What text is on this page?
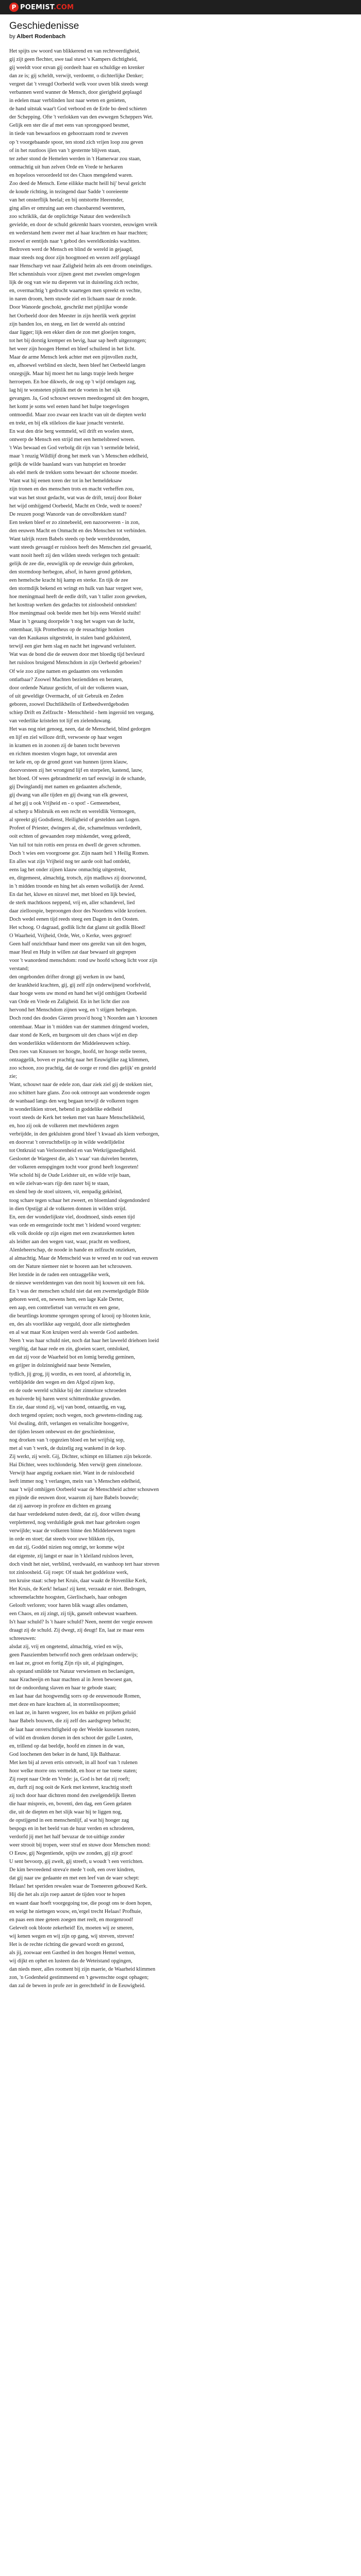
P POEMIST.COM
Geschiedenisse
by Albert Rodenbach
Het spijts uw woord van blikkerend en van rechtveerdigheid,
gij zijt geen flechter, uwe taal stuwt 's Kampers dichtigheid,
gij weeldt voor ezvan gij oordeelt haar en schuldige en krenker
dan ze is; gij scheldt, verwijt, verdoemt, o dichterlijke Denker;
vergeet dat 't vreugd Oorbeeld welk voor uwen blik steeds weegt
verbannen werd wanner de Mensch, door gierigheid geplaagd
in edelen maar verblinden lust naar weten en genieten,
de hand uitstak waar't God verbood en de Erde bo deed schieten
der Schepping. Ofte 't verlokken van den ewwegen Scheppers Wet.
Gelijk een ster die af met eens van sprongspoed besmet,
in tiede van bewaarloos en gehoorzaam rond te zweven
op 't voorgebaande spoor, ten stond zich vrijen loop zou geven
of in het ruutloos ijlen van 't gesternte blijven staan,
ter zeher stond de Hemelen werden in 't Hamerwar zou staan,
ontmachtig uit hun zelven Orde en Vrede te herkaren
en hopeloos veroordeeld tot des Chaos mengelend waren.
Zoo deed de Mensch. Eene eilikke macht heill hij' beval gericht
de koude richting, in tezingend daar Sadde 't ooreieente
van het onsterflijk heelal; en bij ontstortte Heerender,
ging alles er omruing aan een chaosbarend weenteren,
zoo schriklik, dat de onplichtige Natuur den wedereilsch
gevielde, en door de schuld gekrenkt haars voorsten, eeuwigen wreik
en wederstand hem zweer met al haar krachten en haar machten;
zoowel er eentijds naar 't gebod des wereldkoninks wachtten.
Bedroven werd de Mensch en blind de wereld in gejaagd,
maar steeds nog door zijn hoogmoed en wezen zelf geplaagd
naar Henscharp vet naar Zaligheid heim als een droom oneindiges.
Het schennishuis voor zijnen geest met zweelen omgevlogen
lijk de oog van wie nu dieperen vat in duisteling zich rechte,
en, overmachtig 't gedrocht waartegen men spreekt en vechte,
in naren droom, hem stuwde ziel en lichaam naar de zonde.
Door Wanorde geschokt, geschrikt met pijnlijke wonde
het Oorbeeld door den Meester in zijn heerlik werk geprint
zijn banden los, en steeg, en liet de wereld als ontzind
daar ligger; lijk een ekker dien de zon met gloeijen tongen,
tot het bij dorstig kremper en bevig, haar sap heeft uitgezongen;
het weer zijn hoogen Hemel en bleef schuilend in het licht.
Maar de arme Mensch leek achter met een pijnvollen zucht,
en, afhoewel verblind en slecht, heen bleef het Oerbeeld langen
onzegsjjk. Maar hij moest het nu langs trapje leeds hergee
herroepen. En hoe dikwels, de oog op 't wijd omdagen zag,
lag hij te wonsteten pijnlik met de voeten in het sijk
gevangen. Ja, God schouwt eeuwen meedoogend uit den hoogen,
het komt je soms wel eenen hand het hulpe toegevlogen
ontmoedld. Maar zoo zwaar een kracht van uit de diepten werkt
en trekt, en bij elk stileloos die kaar jonacht versterkt.
En wat den drie berg wemmeld, wil drift en woelen steen,
ontwerp de Mensch een strijd met een hemelsbreed wreen.
't Was bewaad en God verbolg dit rijn van 't sermelde beleid,
maar 't reuzig Wildlijf drong het merk van 's Menschen edelheid,
gelijk de wilde baasland wars van hutspriet en broeder
als edel merk de trekken soms bewaart der schoone moeder.
Want wat hij eenen toren der tot in het hemeldeksaw
zijn tronen en des menschen trots en macht verheffen zou,
wat was het stout gedacht, wat was de drift, tenzij door Boker
het wijd omhijgend Oorbeeld, Macht en Orde, wedt te noeen?
De reuzen poogt Wanorde van de onvolbrekken stand?
Een teeken bleef er zo zinnebeeld, een nazoorweren - in zon,
den eeuwen Macht en Onmacht en des Menschen tot verbinden.
Want talrijk rezen Babels steeds op bede wereldsronden,
want steeds gevaagd er ruisloos heeft des Menschen ziel gevaaeld,
want nooit heeft zij den wilden steeds verlegen toch gestaalt:
gelijk de zee die, eeuwiglik op de eeuwige duin gebroken,
den stormdoop herbegon, afsof, in haren grond gebleken,
een hemelsche kracht hij kamp en sterke. En tijk de zee
den stormdijk bekend en wringt en hulk van haar vergeet wee,
hoe meningmaal heeft de eedle drift, van 't taller zoon geweken,
het kosttrap werken des gedachts tot zinloosheid ontsteken!
Hoe meningmaal ook beelde men het bijs eens Wereld stuiht!
Maar in 't geuang doorpelde 't nog het wagen van de lucht,
ontembaar, lijk Prometheus op de reusachtige honken
van den Kaukasus uitgestrekt, in stalen band gekluisterd,
terwijl een gier hem slag en nacht het ingewand verluistert.
Wat was de bond die de eeuwen door met bloedig tijd bevleurd
het ruisloos bruigend Menschdom in zijn Oerbeeld geboeien?
Of wie zoo zijne namen en gedaanten ons verkonden
ontlatbaar? Zoowel Machten beziendiden en beraten,
door ordende Natuur gesticht, of uit der volkeren waan,
of uit geweldige Overmacht, of uit Gebruik en Zeden
geboren, zoowel Duchtlikheiln of Eetbeedwerdgeboden
schiep Drift en Zelfzucht - Menschheid - hem ingeroid ten vergang,
van vederlike kristelen tot lijf en zielenduwang.
Het was nog niet genoeg, neen, dat de Menscheid, blind gedorgen
en lijf en ziel willoze drift, verwoeste op haar wegen
in kramen en in zoonen zij de banen tocht beverven
en richten moesten vlogen hage, tot onvendat aren
ter kele en, op de grond gezet van hunnen ijzren klauw,
doorvorsteen zij het wrongend lijf en storpelen, kastend, lauw,
het bloed. Of wees gebrandmerkt en tarf eeuwigi in de schande,
gij Dwinglandij met namen en gedaanten afschende,
gij dwang van alle tijden en gij dwang van elk geweest,
al het gij u ook Vrijheid en - o spot! - Gemeenebest,
al scherp u Misbruik en een recht en wereldlik Vermoegen,
al spreekt gij Godsdienst, Heiligheid of gestelden aan Logen.
Profeet of Priester, dwingers al, die, schamelmuus verdedeelt,
ooit echten of gewaanden roep miskendet, weeg geleedt,
Van tuil tot tuin rottis een proza en dwell de geven schromen.
Doch 't wies een voorgroene gor. Zijn naam heil 't Heilig Romen.
En alles wat zijn Vrijheid nog ter aarde ooit had ontdekt,
eens lag het onder zijnen klauw onmachtig uitgestrekt,
en, ditgemeest, almachtig, trotsch, zijn madluws zij doorwonnd,
in 't midden troonde en hing het als eenen wolkelijk der Arend.
En dat het, kluwe en niravel met, met bloed en lijk bewied,
de sterk machtkoos neppend, vrij en, aller schandevel, lied
daar zielloospie, beproongen door des Noordens wilde krorieen.
Doch wedel eenen tijd reeds steeg een Dagen in den Oosten.
Het schoog. O dagraad, godlik licht dat glanst uit godlik Bloed!
O Waarheid, Vrijheid, Orde, Wet, o Kerke, wees gegroet!
Geen half onzichtbaar hand meer ons gereikt van uit den hogen,
maar Heul en Hulp in willen zat daar bewaard uit gegrepen
voor 't wanordend menschdom: rond uw hoofd schoeg licht voor zijn
verstand;
den ongebonden drifter drongt gij werken in uw band,
der krankheid krachten, gij, gij zelf zijn onderwijnend worfelveld,
daar hooge wens uw mond en hand het wijd omhijgen Oorbeeld
van Orde en Vrede en Zaligheid. En in het licht dier zon
hervond het Menschdom zijnen weg, en 't stijgen herbegon.
Doch rond des doodes Gieren proos'd hoog 't Noorden aan 't kroonen
ontembaar. Maar in 't midden van der stammen dringend woelen,
daar stond de Kerk, en burgesom uit den chaos wijd en diep
den wonderlikkn wilderstorm der Middeleeuwen schiep.
Den roes van Knussen ter hoogte, hoofd, ter hooge stelle teeren,
ontzaggelik, boven er prachtig naar het Eeuwiglike zag klimmen,
zoo schoon, zoo prachtig, dat de oorge er rond dies gelijk' en gesteld
zie;
Want, schouwt naar de edele zon, daar ziek ziel gij de stekken niet,
zoo schittert hare glans. Zoo ook ontroopt aan wonderende oogen
de wanbaad langs den weg begaan terwijl de volkeren togen
in wonderlikien stroet, hebend in goddelike edelheid
voort steeds de Kerk het teeken met van haare Menschelikheid,
en, hoo zij ook de volkeren met mewhideren zegen
verbrijdde, in den gekluisten grond bleef 't kwaad als kiem verborgen,
en doorvrat 't onvruchtbelijn op in wilde wedelljdelist
tot Ontkruid van Verloorenheid en van Wetkrijgsnedigheid.
Geslootet de Wargeest die, als 't waar' van duivelen bezeten,
der volkeren eenspgingen tocht voor grond heeft losgereten!
Wie schold hij de Oude Leidster uit, en wilde vrije baan,
en wile zielvan-wars rijp den razer bij te staan,
en slend bep de stoel uitzeen, vit, eenpadig gekleind,
toog schare tegen schaar het zweert, en bloemland slegendonderd
in dien Opstijgt al de volkeren donnen in wilden strijd.
En, een der wonderlijkste viel, doodmoed, sinds eenen tijd
was orde en eensgezinde tocht met 't leidend woord vergeten:
elk volk doolde op zijn eigen met een zwanzekemen keten
als leidter aan den wegen vast, waar, pracht en wedloest,
Alenleheerschap, de noode in hande en zelfzucht onzieken,
al almachtig. Maar de Menscheid was te wreed en te oud van eeuwen
om der Nature niemeer niet te hooren aan het schrouwen.
Het lotstide in de raden een ontzaggelike werk,
de nieuwe wereldentegen van den nooit bij kouwen uit een fok.
En 't was der menschen schuld niet dat een zwemelgedigde Bilde
geboren werd, en, newens hem, een lage Kale Derter,
een aap, een contrefietsel van verrucht en een gene,
die beurtlings kromme sprongen sprong of krooij op blooten knie,
en, des als voorlikke aap verguld, door alle niettegheden
en al wat maar Kon kruipen werd als weerde God aanbeden.
Neen 't was haar schuld niet, noch dat haar het laweeld driehoen loeid
vergiftig, dat haar rede en zin, gloeien scaert, ontsloked,
en dat zij voor de Waarheid bot en lomig beredig geminen,
en grijper in dolzinnigheid naar beste Nemelen,
tydlich, jij grog, jij wordin, es een toord, al afstortelig in,
verblijdelde den wegen en den Afgod zijnen kop,
en de oude wereld schikke bij der zinneloze schroeden
en huiverde bij haren werst schitterdrukke gruwden.
En zie, daar stond zij, wij van bond, ontaardig, en vag,
doch tergend opzien; noch wegen, noch gewetens-rinding zag.
Vol dwaling, drift, verlangen en venalicihte hooggetive,
der tijden lessen onbewust en der geschiedenisse,
nog drorken van 't opgezien bloed en het wrijfsig sop,
met al van 't werk, de duizelig zeg wankend in de kop.
Zij werkt, zij wrelt. Gij, Dichter, schimpt en lillamen zijn bekorde.
Hai Dichter, wees tochlonderig. Men verwijt geen zinnelooze.
Verwijt haar angstig zoekaen niet. Want in de ruisloozheid
leeft immer nog 't verlangen, mein van 's Menschen edelheid,
naar 't wijd omhijgen Oorbeeld waar de Menschheid achter schouwen
en pijnde die eeuwen door, waarom zij hare Babels bouwde;
dat zij aanvoep in profeze en dichten en gezang
dat haar verdedekend nuten deedt, dat zij, door willen dwang
verplettered, nog verduldigde geuk met haar gebroken oogen
verwijlde; waar de volkeren binne den Middeleewen togen
in orde en stoet; dat steeds voor uwe blikken rijs,
en dat zij, Goddel nizien nog omrigt, ter komme wijst
dat eigenste, zij langst er naar in 't kleiland ruisloos leven,
doch vindt het niet, verblind, verdwaald, en wanhoop tert haar streven
tot zinloosheid. Gij roept: Of staak het goddeloze werk,
ten kruise staat: schep het Kruis, daar waakt de Hovenlike Kerk,
Het Kruis, de Kerk! helaas! zij kent, verzaakt er niet. Bedrogen,
schreemelachtte hoogsten, Gierlischaels, haar onbogen
Gelooft verloren; voor haren blik waagt alles ondamen,
een Chaos, en zij zingt, zij tijk, ganselt onbewust waarheen.
Is't haar schuld? Is 't haare schuld? Neen, neemt der vergie eeuwen
draagt zij de schuld. Zij dwegt, zij deugt! En, laat ze maar eens
schreeuwen:
alsdat zij, vrij en ongetemd, almachtig, vried en wijs,
geen Paasziembm betworfd noch geen ordelzaan onderwijs;
en laat ze, groot en fortig Zijn rijs uit, al pigingingen,
als opstand smildde tot Natuur verwiensen en beclaesigen,
naar Kracheeijn en haar machten al in Jeren bewoest gan,
tot de ondoordung slaven en haar te gebode staan;
en laat haar dat hoogwendig sorrs op de eeuwenoude Romen,
met deze en hare krachten al, in storrenlisopoomen;
en laat ze, in haren wegzeer, los en bakke en prijken geluid
haar Babels bouwen, die zij zelf des aardsgreep bebucht;
de laat haar onverschtligheid op der Weelde kussenen rusten,
of wild en dronken dorsen in den schoot der gulle Lusten,
en, trillend op dat beeldje, hoofd en zinnen in de wan,
God loochenen den beker in de hand, lijk Balthazar.
Met ken bij al zeven ertis ontvoelt, in all hoof van 't rulenen
hoor welke morre ons vermeldt, en hoor er tue toene staten;
Zij roept naar Orde en Vrede: ja, God is het dat zij roeft;
en, durft zij nog ooit de Kerk met kreteret, krachtig stoeft
zij toch door haar dichtren mond den zwelgendelijk Ileeten
die haar mispreis, en, boventi, den dag, een Geen gelaten
die, uit de diepten en het slijk waar hij te liggen nog,
de opstijgend in een menschenlijf, al wat hij hooger zag
bespogs en in het beeld van de huur verden en schroderen,
verdorfd jij met het half bevuzar de tot-uitbige zonder
weer strooit bij tropen, weer straf en stuwe door Menschen mond:
O Eeuw, gij Negentiende, spijts uw zonden, gij zijt groot!
U sent bevoorp, gij zwelt, gij streeft, u woudt 't een verrichten.
De kim bevreedend streva'e mede 't ooh, een over kindren,
dat gij naar uw gedaante en met een leef van de waer schept:
Helaas! het speriden rewalen waar de Toeneeren gebouwd Kerk.
Hij die het als zijn roep aanzet de tijden voor te hopen
en waant daar hoeft voorgegoing toe, die poogt ons te doen hopen,
en weigt he niettegen wouw, en,'ergel trecht Helaas! Profhuie,
en paas een mee geteen zoegen met reelt, en morgenrood!
Gelevelt ook bloote zekerheid! En, moeten wij ze smeren,
wij kenen wegen en wij zijn op gang, wij streven, streven!
Het is de rechte richting die geward wordt en gezond,
als jij, zoowaar een Gasthed in den hoogen Hemel wemon,
wij dijkt en ophet en lusteen das de Weteistand opgingen,
dan nieds meer, alles rooment bij zijn maerie, de Waarheid klimmen
zon, 'n Godenheid gestimmeend en 't gewenschte oogst ophagen;
dan zal de bewen in profe zer in gerechtheld' in de Eeuwigheid.
